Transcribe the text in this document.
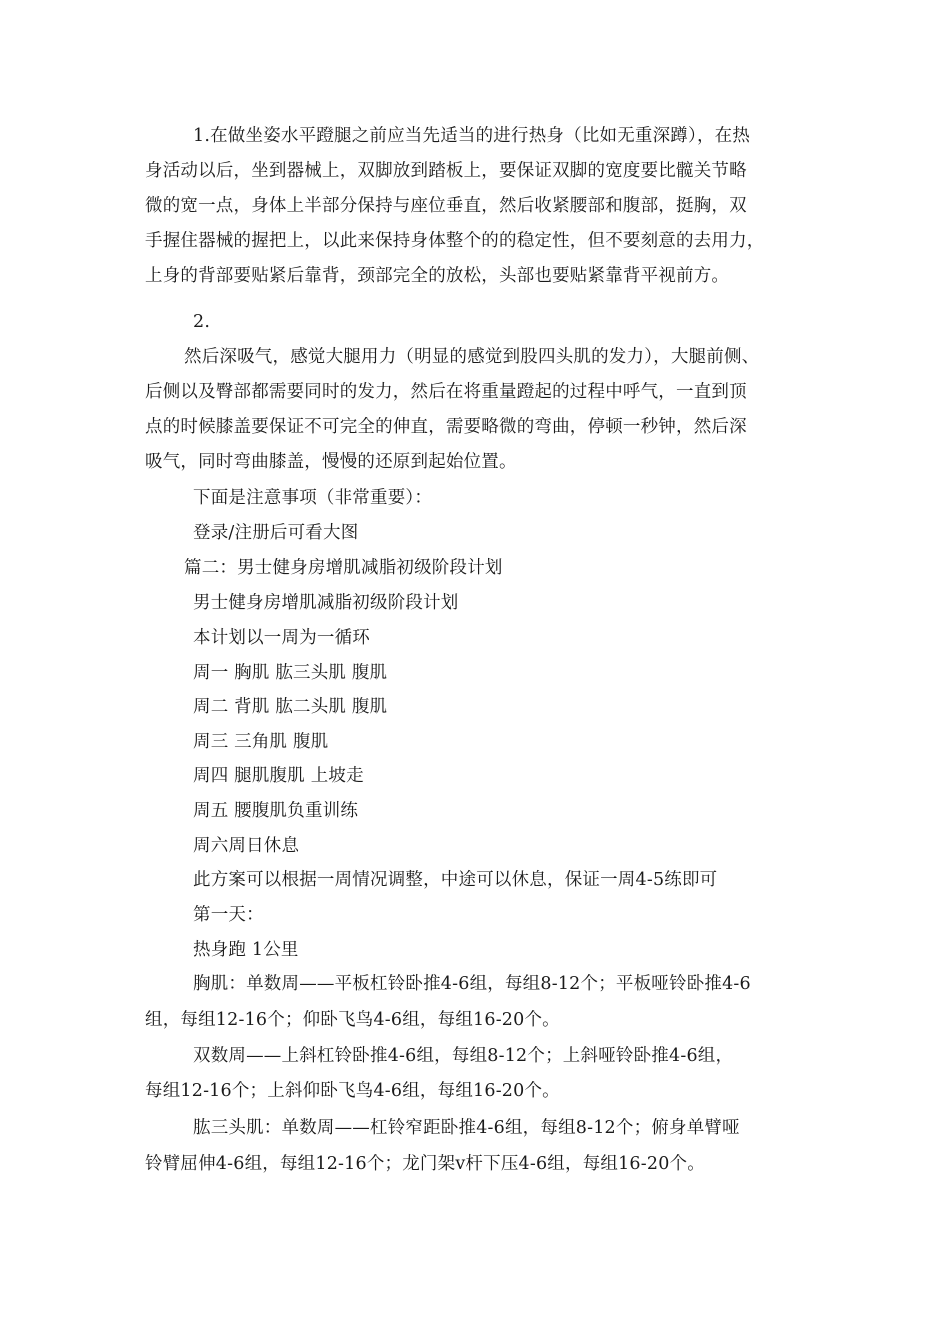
1.在做坐姿水平蹬腿之前应当先适当的进行热身（比如无重深蹲），在热
身活动以后，坐到器械上，双脚放到踏板上，要保证双脚的宽度要比髋关节略
微的宽一点，身体上半部分保持与座位垂直，然后收紧腰部和腹部，挺胸，双
手握住器械的握把上，以此来保持身体整个的的稳定性，但不要刻意的去用力，
上身的背部要贴紧后靠背，颈部完全的放松，头部也要贴紧靠背平视前方。
2.
然后深吸气，感觉大腿用力（明显的感觉到股四头肌的发力），大腿前侧、
后侧以及臀部都需要同时的发力，然后在将重量蹬起的过程中呼气，一直到顶
点的时候膝盖要保证不可完全的伸直，需要略微的弯曲，停顿一秒钟，然后深
吸气，同时弯曲膝盖，慢慢的还原到起始位置。
下面是注意事项（非常重要）：
登录/注册后可看大图
篇二：男士健身房增肌减脂初级阶段计划
男士健身房增肌减脂初级阶段计划
本计划以一周为一循环
周一 胸肌 肱三头肌 腹肌
周二 背肌 肱二头肌 腹肌
周三 三角肌 腹肌
周四 腿肌腹肌 上坡走
周五 腰腹肌负重训练
周六周日休息
此方案可以根据一周情况调整，中途可以休息，保证一周4-5练即可
第一天：
热身跑 1公里
胸肌：单数周——平板杠铃卧推4-6组，每组8-12个；平板哑铃卧推4-6
组，每组12-16个；仰卧飞鸟4-6组，每组16-20个。
双数周——上斜杠铃卧推4-6组，每组8-12个；上斜哑铃卧推4-6组，
每组12-16个；上斜仰卧飞鸟4-6组，每组16-20个。
肱三头肌：单数周——杠铃窄距卧推4-6组，每组8-12个；俯身单臂哑
铃臂屈伸4-6组，每组12-16个；龙门架v杆下压4-6组，每组16-20个。
